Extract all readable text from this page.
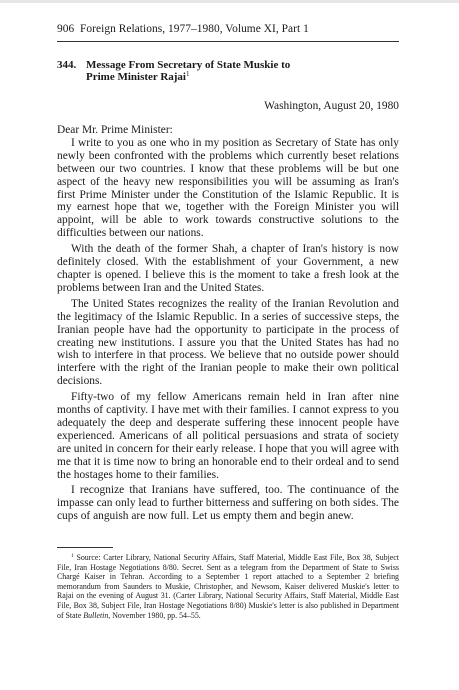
906 Foreign Relations, 1977–1980, Volume XI, Part 1
344. Message From Secretary of State Muskie to
Prime Minister Rajai$^1$
Washington, August 20, 1980

Dear Mr. Prime Minister:

I write to you as one who in my position as Secretary of State has only newly been confronted with the problems which currently beset relations between our two countries. I know that these problems will be but one aspect of the heavy new responsibilities you will be assuming as Iran's first Prime Minister under the Constitution of the Islamic Republic. It is my earnest hope that we, together with the Foreign Minister you will appoint, will be able to work towards constructive solutions to the difficulties between our nations.

With the death of the former Shah, a chapter of Iran's history is now definitely closed. With the establishment of your Government, a new chapter is opened. I believe this is the moment to take a fresh look at the problems between Iran and the United States.

The United States recognizes the reality of the Iranian Revolution and the legitimacy of the Islamic Republic. In a series of successive steps, the Iranian people have had the opportunity to participate in the process of creating new institutions. I assure you that the United States has had no wish to interfere in that process. We believe that no outside power should interfere with the right of the Iranian people to make their own political decisions.

Fifty-two of my fellow Americans remain held in Iran after nine months of captivity. I have met with their families. I cannot express to you adequately the deep and desperate suffering these innocent people have experienced. Americans of all political persuasions and strata of society are united in concern for their early release. I hope that you will agree with me that it is time now to bring an honorable end to their ordeal and to send the hostages home to their families.

I recognize that Iranians have suffered, too. The continuance of the impasse can only lead to further bitterness and suffering on both sides. The cups of anguish are now full. Let us empty them and begin anew.

$^1$ Source: Carter Library, National Security Affairs, Staff Material, Middle East File, Box 38, Subject File, Iran Hostage Negotiations 8/80. Secret. Sent as a telegram from the Department of State to Swiss Chargé Kaiser in Tehran. According to a September 1 report attached to a September 2 briefing memorandum from Saunders to Muskie, Christopher, and Newsom, Kaiser delivered Muskie's letter to Rajai on the evening of August 31. (Carter Library, National Security Affairs, Staff Material, Middle East File, Box 38, Subject File, Iran Hostage Negotiations 8/80) Muskie's letter is also published in Department of State Bulletin, November 1980, pp. 54–55.
